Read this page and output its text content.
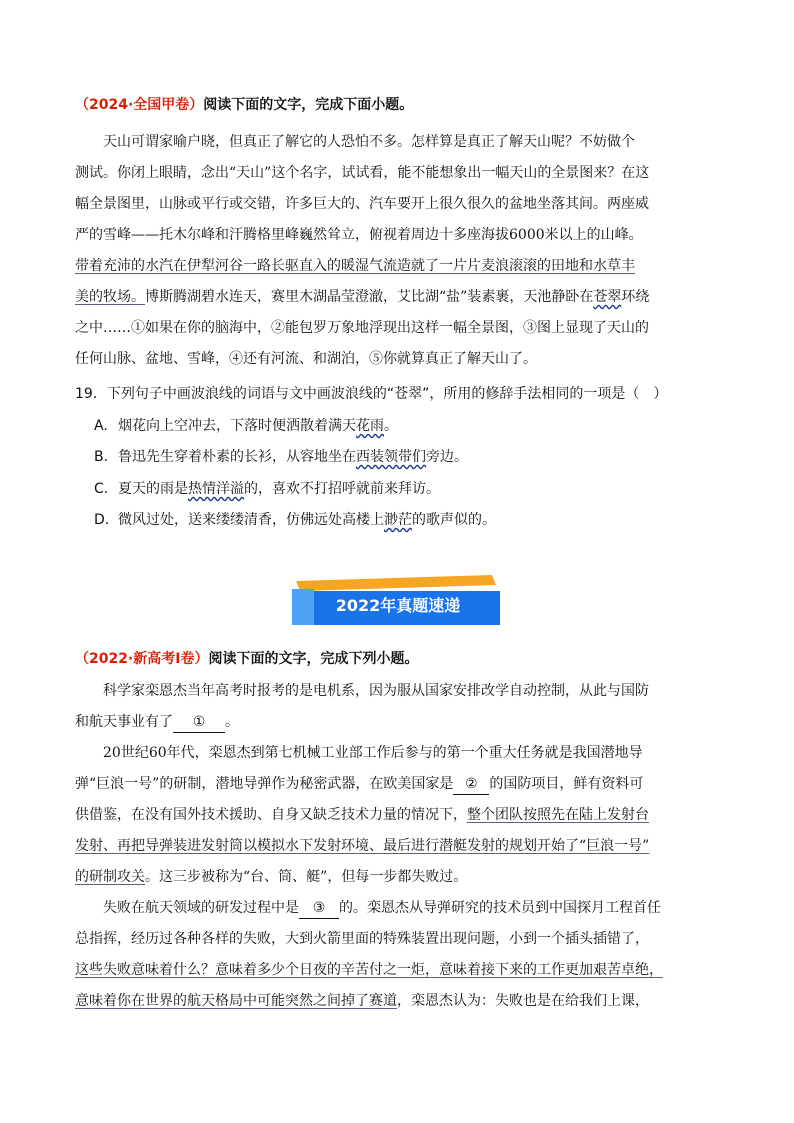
（2024·全国甲卷）阅读下面的文字，完成下面小题。
　　天山可谓家喻户晓，但真正了解它的人恐怕不多。怎样算是真正了解天山呢？不妨做个
测试。你闭上眼睛，念出“天山”这个名字，试试看，能不能想象出一幅天山的全景图来？在这
幅全景图里，山脉或平行或交错，许多巨大的、汽车要开上很久很久的盆地坐落其间。两座威
严的雪峰——托木尔峰和汗腾格里峰巍然耸立，俯视着周边十多座海拔6000米以上的山峰。
带着充沛的水汽在伊犁河谷一路长驱直入的暖湿气流造就了一片片麦浪滚滚的田地和水草丰
美的牧场。博斯腾湖碧水连天，赛里木湖晶莹澄澈，艾比湖“盐”装素裹，天池静卧在苍翠环绕
之中……①如果在你的脑海中，②能包罗万象地浮现出这样一幅全景图，③图上显现了天山的
任何山脉、盆地、雪峰，④还有河流、和湖泊，⑤你就算真正了解天山了。
19．下列句子中画波浪线的词语与文中画波浪线的“苍翠”，所用的修辞手法相同的一项是（　）
A. 烟花向上空冲去，下落时便洒散着满天花雨。
B. 鲁迅先生穿着朴素的长衫，从容地坐在西装领带们旁边。
C. 夏天的雨是热情洋溢的，喜欢不打招呼就前来拜访。
D. 微风过处，送来缕缕清香，仿佛远处高楼上渺茫的歌声似的。
2022年真题速递
（2022·新高考Ⅰ卷）阅读下面的文字，完成下列小题。
　　科学家栾恩杰当年高考时报考的是电机系，因为服从国家安排改学自动控制，从此与国防
和航天事业有了 ① 。
　　20世纪60年代，栾恩杰到第七机械工业部工作后参与的第一个重大任务就是我国潜地导
弹“巨浪一号”的研制，潜地导弹作为秘密武器，在欧美国家是 ② 的国防项目，鲜有资料可
供借鉴，在没有国外技术援助、自身又缺乏技术力量的情况下，整个团队按照先在陆上发射台
发射、再把导弹装进发射筒以模拟水下发射环境、最后进行潜艇发射的规划开始了“巨浪一号”
的研制攻关。这三步被称为“台、筒、艇”，但每一步都失败过。
　　失败在航天领域的研发过程中是 ③ 的。栾恩杰从导弹研究的技术员到中国探月工程首任
总指挥，经历过各种各样的失败，大到火箭里面的特殊装置出现问题，小到一个插头插错了，
这些失败意味着什么？意味着多少个日夜的辛苦付之一炬，意味着接下来的工作更加艰苦卓绝，
意味着你在世界的航天格局中可能突然之间掉了赛道，栾恩杰认为：失败也是在给我们上课，
